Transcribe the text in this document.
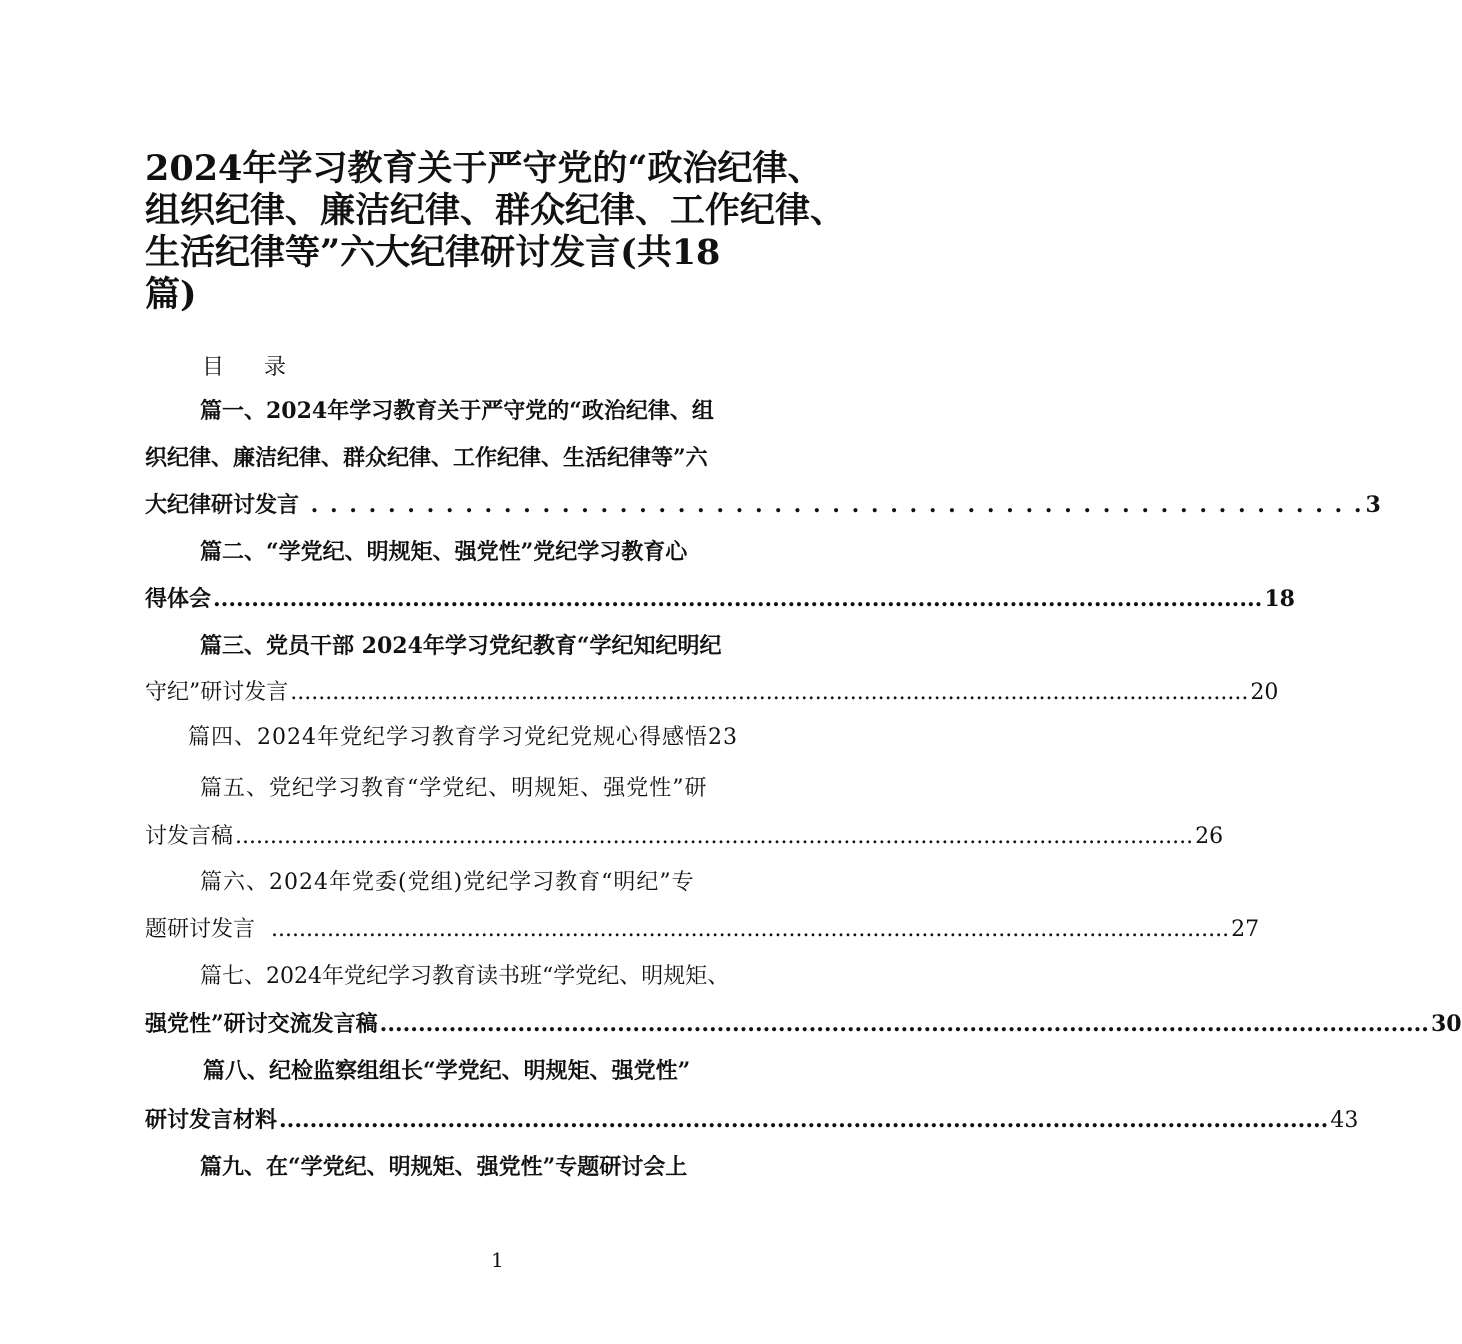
2024年学习教育关于严守党的“政治纪律、
组织纪律、廉洁纪律、群众纪律、工作纪律、
生活纪律等”六大纪律研讨发言(共18
篇)
目 录
篇一、2024年学习教育关于严守党的“政治纪律、组
织纪律、廉洁纪律、群众纪律、工作纪律、生活纪律等”六
大纪律研讨发言 . . . . . . . . . . . . . . . . . . . . . . . . . . . . . . . . . . . . . . . . . . . . . . . . . . . . . . . 3
篇二、“学党纪、明规矩、强党性”党纪学习教育心
得体会 ......................................................................................................................................... 18
篇三、党员干部 2024年学习党纪教育“学纪知纪明纪
守纪”研讨发言 ......................................................................................................................................... 20
篇四、2024年党纪学习教育学习党纪党规心得感悟23
篇五、党纪学习教育“学党纪、明规矩、强党性”研
讨发言稿 ......................................................................................................................................... 26
篇六、2024年党委(党组)党纪学习教育“明纪”专
题研讨发言 ......................................................................................................................................... 27
篇七、2024年党纪学习教育读书班“学党纪、明规矩、
强党性”研讨交流发言稿 ......................................................................................................................................... 30
篇八、纪检监察组组长“学党纪、明规矩、强党性”
研讨发言材料 ......................................................................................................................................... 43
篇九、在“学党纪、明规矩、强党性”专题研讨会上
1
